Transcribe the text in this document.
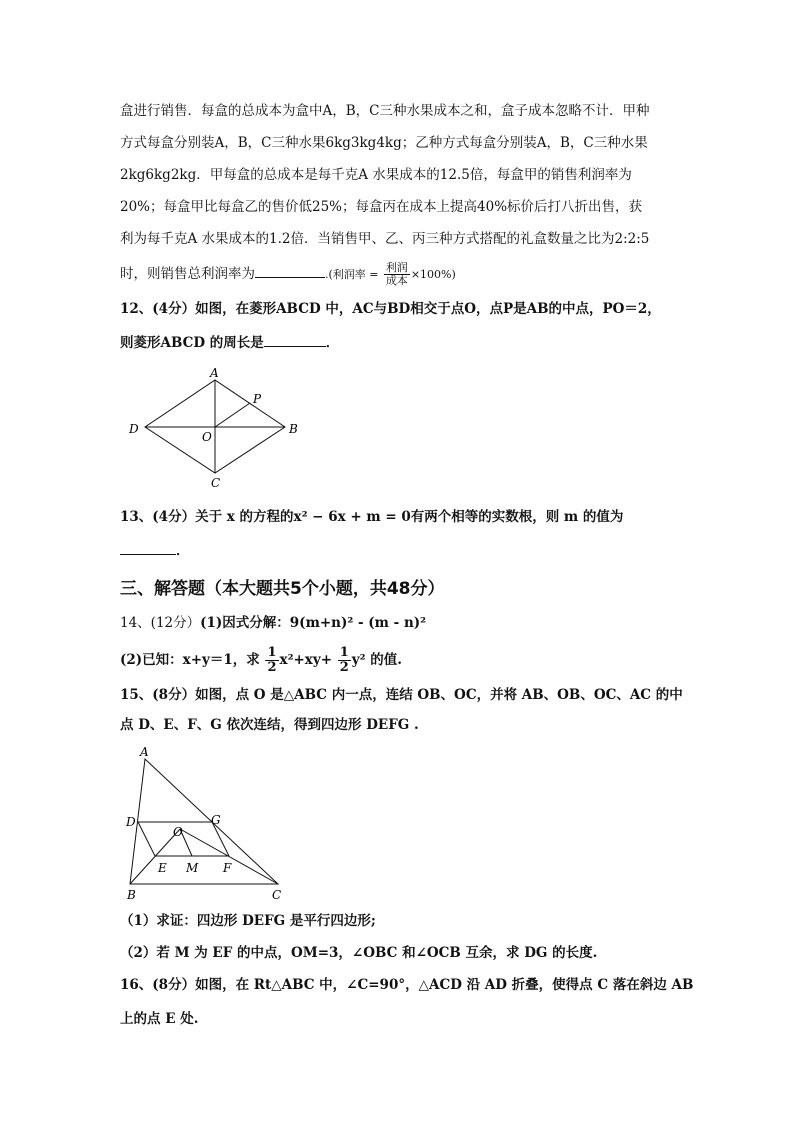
盒进行销售．每盒的总成本为盒中A，B，C三种水果成本之和，盒子成本忽略不计．甲种
方式每盒分别装A，B，C三种水果6kg3kg4kg；乙种方式每盒分别装A，B，C三种水果
2kg6kg2kg．甲每盒的总成本是每千克A 水果成本的12.5倍，每盒甲的销售利润率为
20%；每盒甲比每盒乙的售价低25%；每盒丙在成本上提高40%标价后打八折出售，获
利为每千克A 水果成本的1.2倍．当销售甲、乙、丙三种方式搭配的礼盒数量之比为2:2:5
时，则销售总利润率为	.(利润率 = $\frac{\text{利润}}{\text{成本}} \times 100\%$)
12、(4分）如图，在菱形ABCD 中，AC与BD相交于点O，点P是AB的中点，PO＝2，
则菱形ABCD 的周长是	．
A
B
C
D
O
P
13、(4分）关于 x 的方程的x² − 6x + m = 0有两个相等的实数根，则 m 的值为
．
三、解答题（本大题共5个小题，共48分）
14、(12分）(1)因式分解：9(m+n)² - (m - n)²
(2)已知：x+y＝1，求 $\frac{1}{2} x^2+xy+ \frac{1}{2} y^2$ 的值.
15、(8分）如图，点 O 是△ABC 内一点，连结 OB、OC，并将 AB、OB、OC、AC 的中
点 D、E、F、G 依次连结，得到四边形 DEFG .
A
D	G
O
E M F
B	C
（1）求证：四边形 DEFG 是平行四边形;
（2）若 M 为 EF 的中点，OM=3，∠OBC 和∠OCB 互余，求 DG 的长度.
16、(8分）如图，在 Rt△ABC 中，∠C=90°，△ACD 沿 AD 折叠，使得点 C 落在斜边 AB
上的点 E 处.
